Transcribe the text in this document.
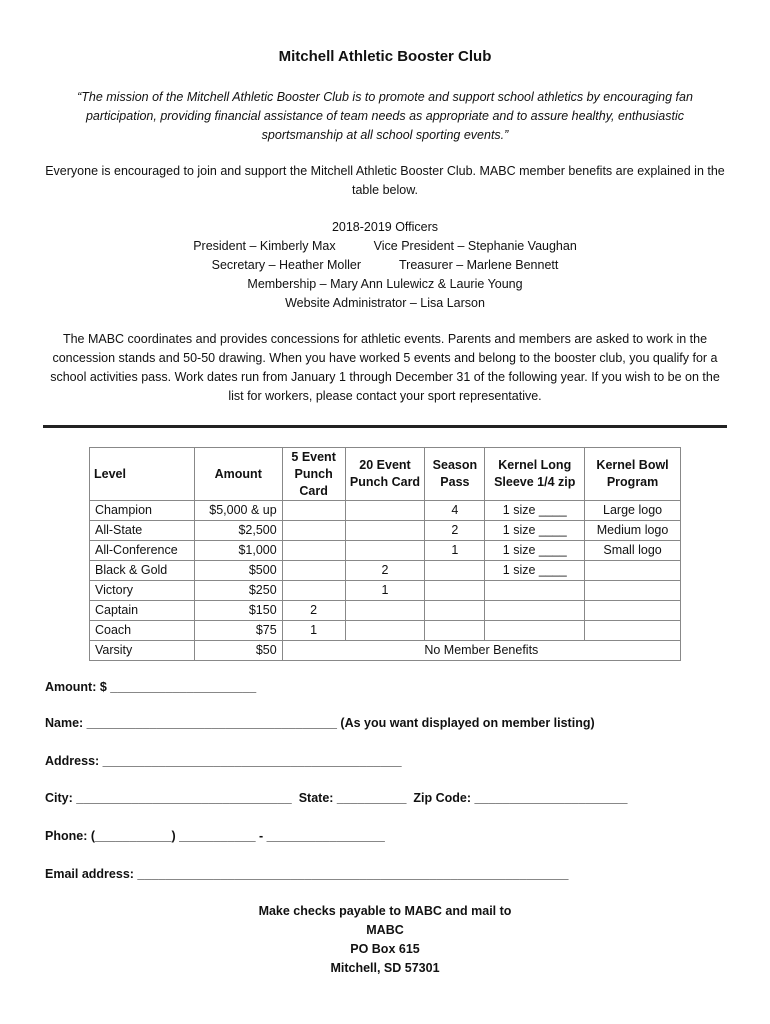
Mitchell Athletic Booster Club
“The mission of the Mitchell Athletic Booster Club is to promote and support school athletics by encouraging fan participation, providing financial assistance of team needs as appropriate and to assure healthy, enthusiastic sportsmanship at all school sporting events.”
Everyone is encouraged to join and support the Mitchell Athletic Booster Club. MABC member benefits are explained in the table below.
2018-2019 Officers
President – Kimberly Max	Vice President – Stephanie Vaughan
Secretary – Heather Moller	Treasurer – Marlene Bennett
Membership – Mary Ann Lulewicz & Laurie Young
Website Administrator – Lisa Larson
The MABC coordinates and provides concessions for athletic events. Parents and members are asked to work in the concession stands and 50-50 drawing. When you have worked 5 events and belong to the booster club, you qualify for a school activities pass. Work dates run from January 1 through December 31 of the following year. If you wish to be on the list for workers, please contact your sport representative.
Level	Amount	5 Event Punch Card	20 Event Punch Card	Season Pass	Kernel Long Sleeve 1/4 zip	Kernel Bowl Program
Champion	$5,000 & up			4	1 size ____	Large logo
All-State	$2,500			2	1 size ____	Medium logo
All-Conference	$1,000			1	1 size ____	Small logo
Black & Gold	$500		2		1 size ____	
Victory	$250		1			
Captain	$150	2				
Coach	$75	1				
Varsity	$50	No Member Benefits				
Amount: $ _____________________
Name: ____________________________________ (As you want displayed on member listing)
Address: ___________________________________________
City: _______________________________  State: __________  Zip Code: ______________________
Phone: (___________) ___________ - _________________
Email address: ______________________________________________________________
Make checks payable to MABC and mail to
MABC
PO Box 615
Mitchell, SD 57301
